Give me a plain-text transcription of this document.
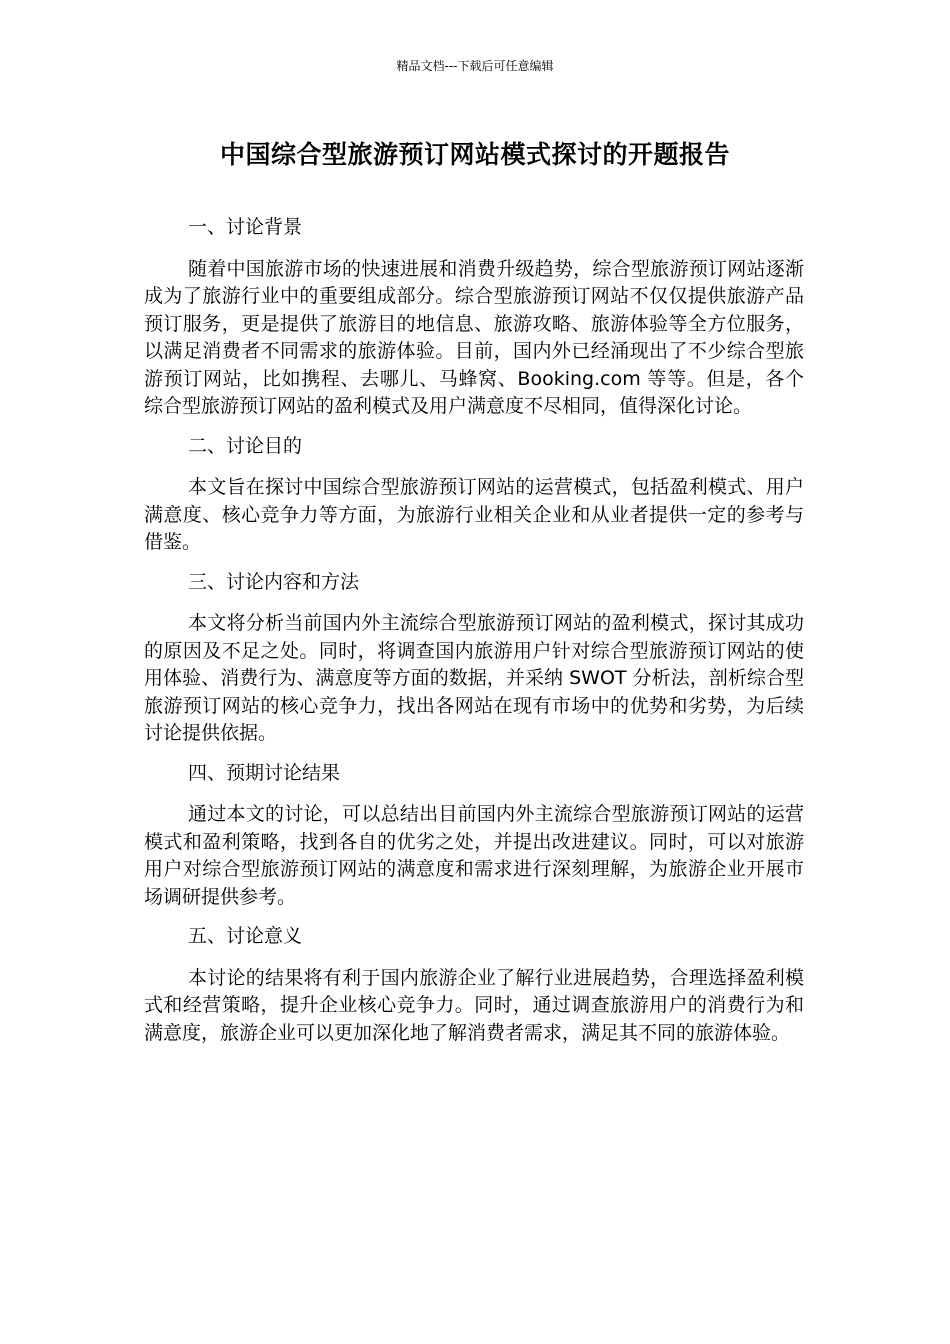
精品文档---下载后可任意编辑
中国综合型旅游预订网站模式探讨的开题报告
一、讨论背景
随着中国旅游市场的快速进展和消费升级趋势，综合型旅游预订网站逐渐成为了旅游行业中的重要组成部分。综合型旅游预订网站不仅仅提供旅游产品预订服务，更是提供了旅游目的地信息、旅游攻略、旅游体验等全方位服务，以满足消费者不同需求的旅游体验。目前，国内外已经涌现出了不少综合型旅游预订网站，比如携程、去哪儿、马蜂窝、Booking.com 等等。但是，各个综合型旅游预订网站的盈利模式及用户满意度不尽相同，值得深化讨论。
二、讨论目的
本文旨在探讨中国综合型旅游预订网站的运营模式，包括盈利模式、用户满意度、核心竞争力等方面，为旅游行业相关企业和从业者提供一定的参考与借鉴。
三、讨论内容和方法
本文将分析当前国内外主流综合型旅游预订网站的盈利模式，探讨其成功的原因及不足之处。同时，将调查国内旅游用户针对综合型旅游预订网站的使用体验、消费行为、满意度等方面的数据，并采纳 SWOT 分析法，剖析综合型旅游预订网站的核心竞争力，找出各网站在现有市场中的优势和劣势，为后续讨论提供依据。
四、预期讨论结果
通过本文的讨论，可以总结出目前国内外主流综合型旅游预订网站的运营模式和盈利策略，找到各自的优劣之处，并提出改进建议。同时，可以对旅游用户对综合型旅游预订网站的满意度和需求进行深刻理解，为旅游企业开展市场调研提供参考。
五、讨论意义
本讨论的结果将有利于国内旅游企业了解行业进展趋势，合理选择盈利模式和经营策略，提升企业核心竞争力。同时，通过调查旅游用户的消费行为和满意度，旅游企业可以更加深化地了解消费者需求，满足其不同的旅游体验。
